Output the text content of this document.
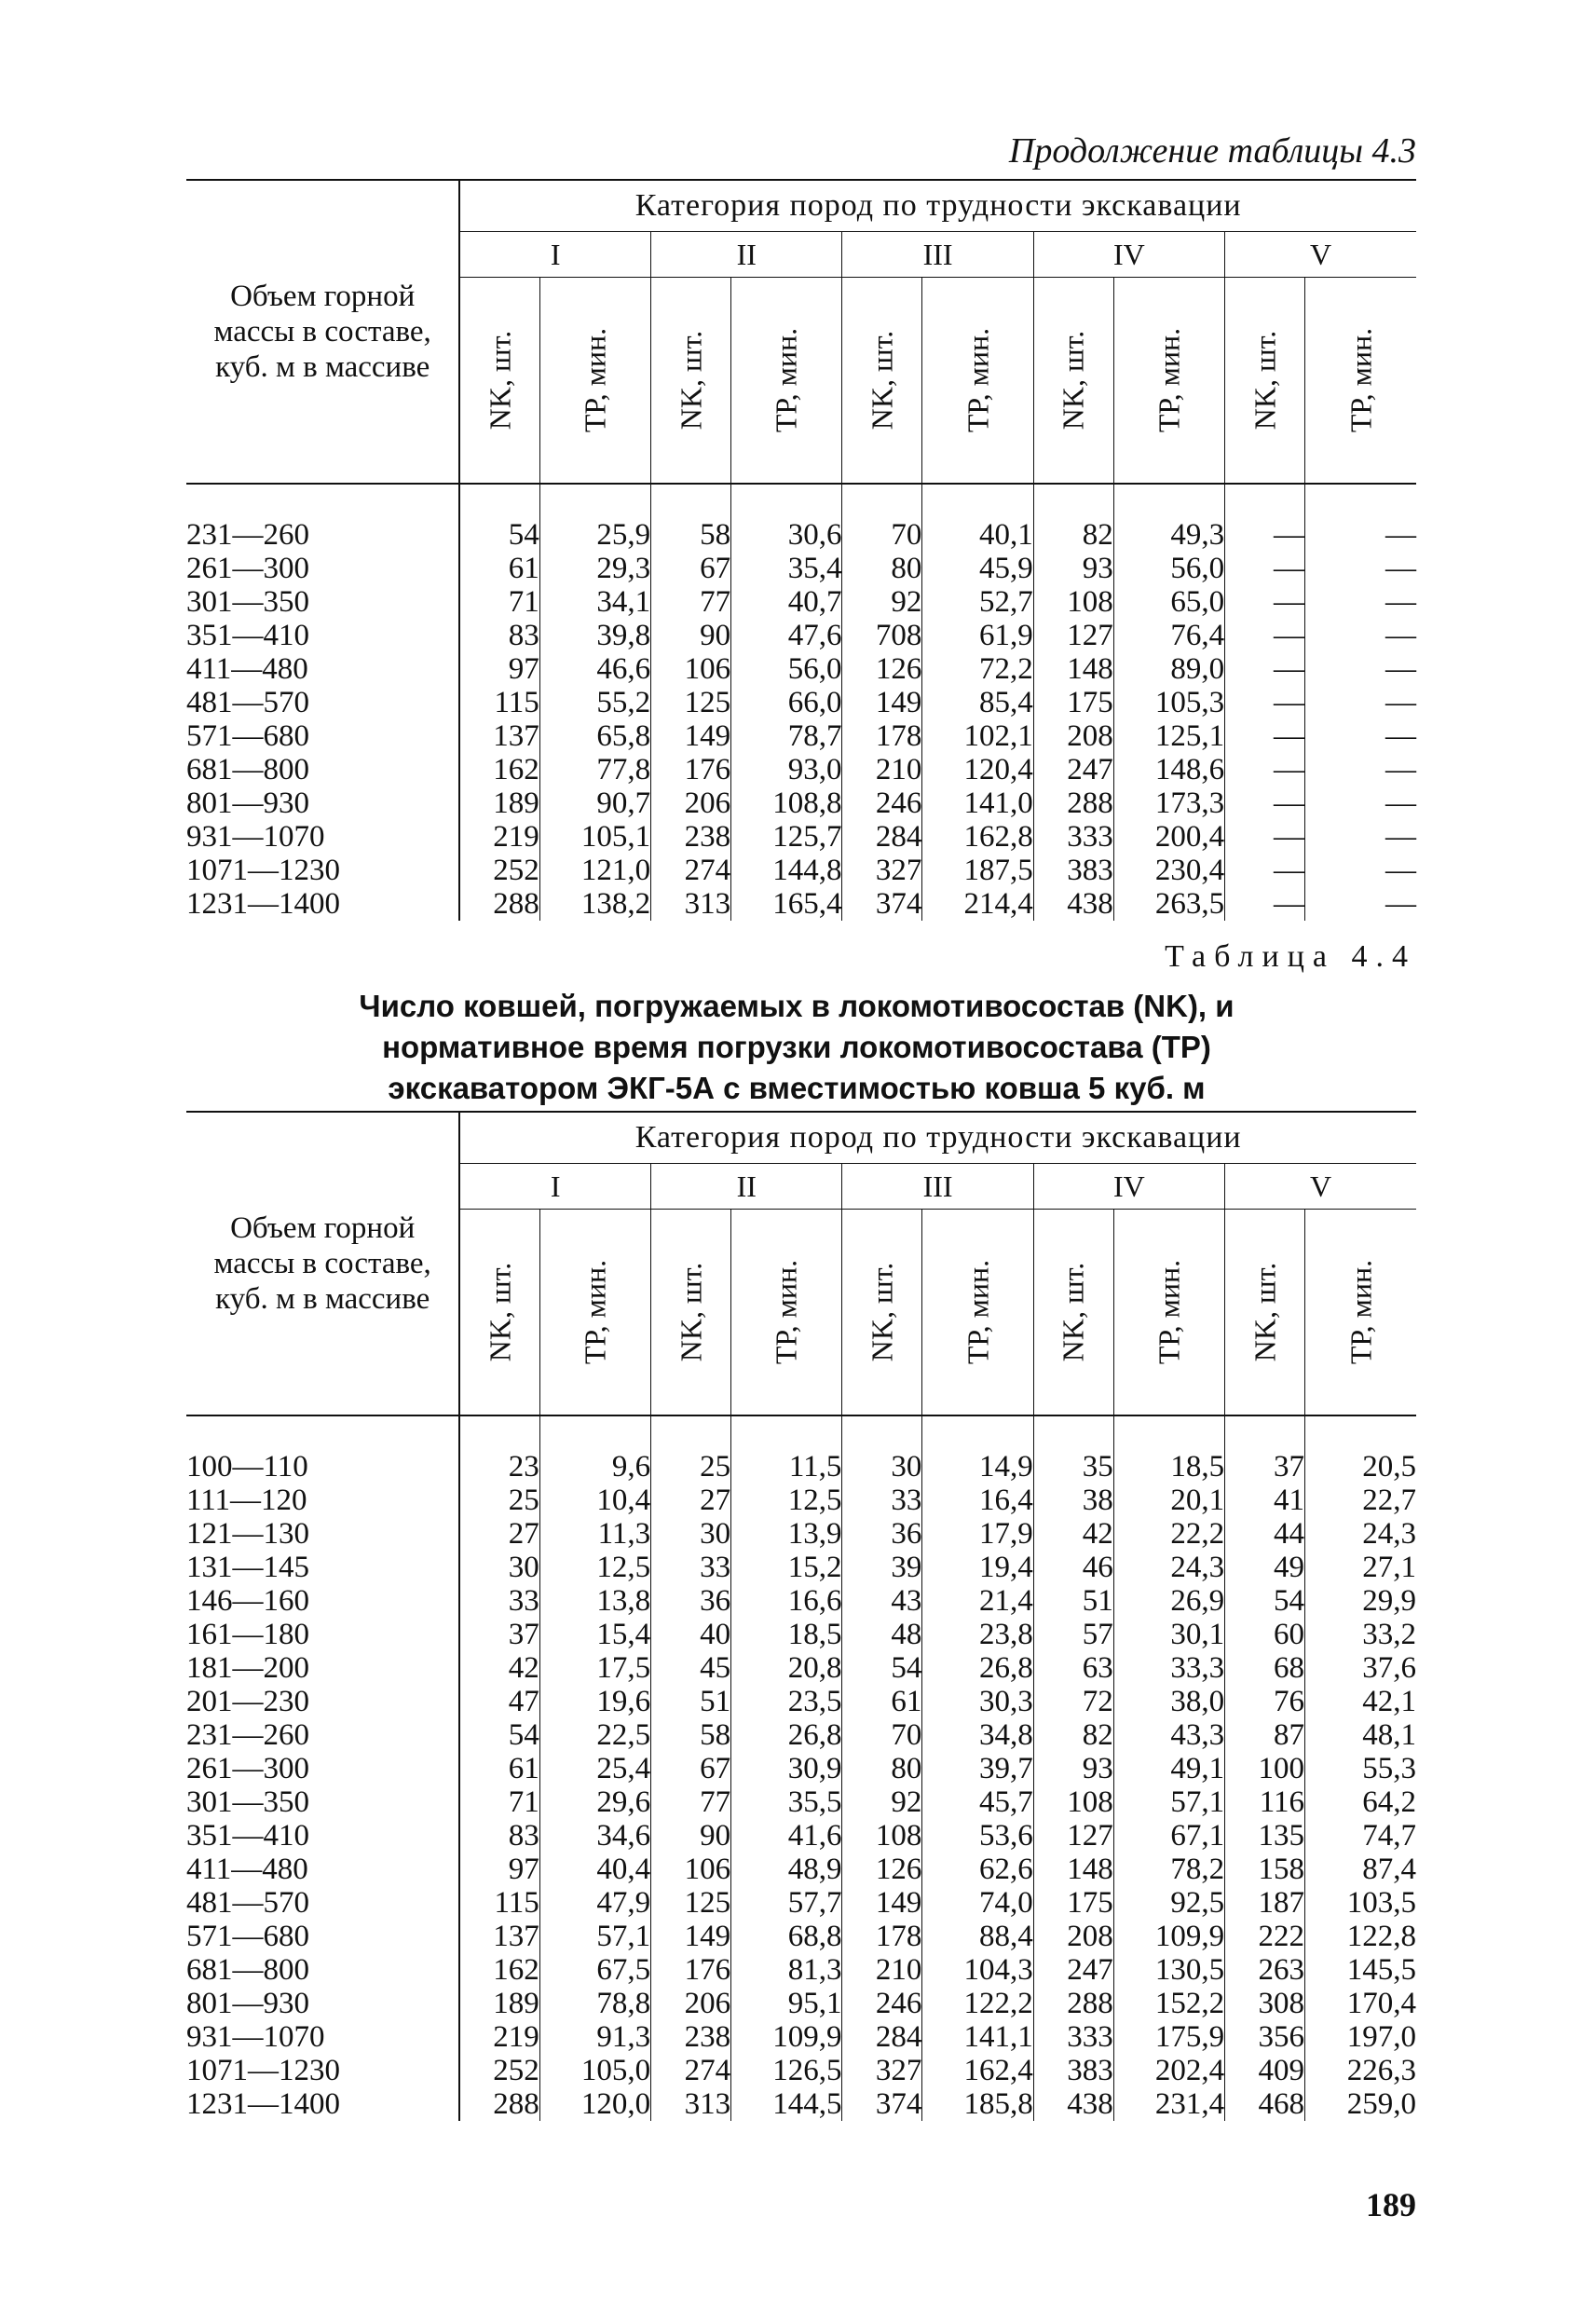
Продолжение таблицы 4.3
Объем горной массы в составе, куб. м в массиве	Категория пород по трудности экскавации									
	I		II		III		IV		V	

	NK, шт.	TP, мин.	NK, шт.	TP, мин.	NK, шт.	TP, мин.	NK, шт.	TP, мин.	NK, шт.	TP, мин.

231—260	54	25,9	58	30,6	70	40,1	82	49,3	—	—
261—300	61	29,3	67	35,4	80	45,9	93	56,0	—	—
301—350	71	34,1	77	40,7	92	52,7	108	65,0	—	—
351—410	83	39,8	90	47,6	708	61,9	127	76,4	—	—
411—480	97	46,6	106	56,0	126	72,2	148	89,0	—	—
481—570	115	55,2	125	66,0	149	85,4	175	105,3	—	—
571—680	137	65,8	149	78,7	178	102,1	208	125,1	—	—
681—800	162	77,8	176	93,0	210	120,4	247	148,6	—	—
801—930	189	90,7	206	108,8	246	141,0	288	173,3	—	—
931—1070	219	105,1	238	125,7	284	162,8	333	200,4	—	—
1071—1230	252	121,0	274	144,8	327	187,5	383	230,4	—	—
1231—1400	288	138,2	313	165,4	374	214,4	438	263,5	—	—
Таблица 4.4
Число ковшей, погружаемых в локомотивосостав (NK), и нормативное время погрузки локомотивосостава (TP) экскаватором ЭКГ-5А с вместимостью ковша 5 куб. м
Объем горной массы в составе, куб. м в массиве	Категория пород по трудности экскавации									
	I		II		III		IV		V	

	NK, шт.	TP, мин.	NK, шт.	TP, мин.	NK, шт.	TP, мин.	NK, шт.	TP, мин.	NK, шт.	TP, мин.

100—110	23	9,6	25	11,5	30	14,9	35	18,5	37	20,5
111—120	25	10,4	27	12,5	33	16,4	38	20,1	41	22,7
121—130	27	11,3	30	13,9	36	17,9	42	22,2	44	24,3
131—145	30	12,5	33	15,2	39	19,4	46	24,3	49	27,1
146—160	33	13,8	36	16,6	43	21,4	51	26,9	54	29,9
161—180	37	15,4	40	18,5	48	23,8	57	30,1	60	33,2
181—200	42	17,5	45	20,8	54	26,8	63	33,3	68	37,6
201—230	47	19,6	51	23,5	61	30,3	72	38,0	76	42,1
231—260	54	22,5	58	26,8	70	34,8	82	43,3	87	48,1
261—300	61	25,4	67	30,9	80	39,7	93	49,1	100	55,3
301—350	71	29,6	77	35,5	92	45,7	108	57,1	116	64,2
351—410	83	34,6	90	41,6	108	53,6	127	67,1	135	74,7
411—480	97	40,4	106	48,9	126	62,6	148	78,2	158	87,4
481—570	115	47,9	125	57,7	149	74,0	175	92,5	187	103,5
571—680	137	57,1	149	68,8	178	88,4	208	109,9	222	122,8
681—800	162	67,5	176	81,3	210	104,3	247	130,5	263	145,5
801—930	189	78,8	206	95,1	246	122,2	288	152,2	308	170,4
931—1070	219	91,3	238	109,9	284	141,1	333	175,9	356	197,0
1071—1230	252	105,0	274	126,5	327	162,4	383	202,4	409	226,3
1231—1400	288	120,0	313	144,5	374	185,8	438	231,4	468	259,0
189
